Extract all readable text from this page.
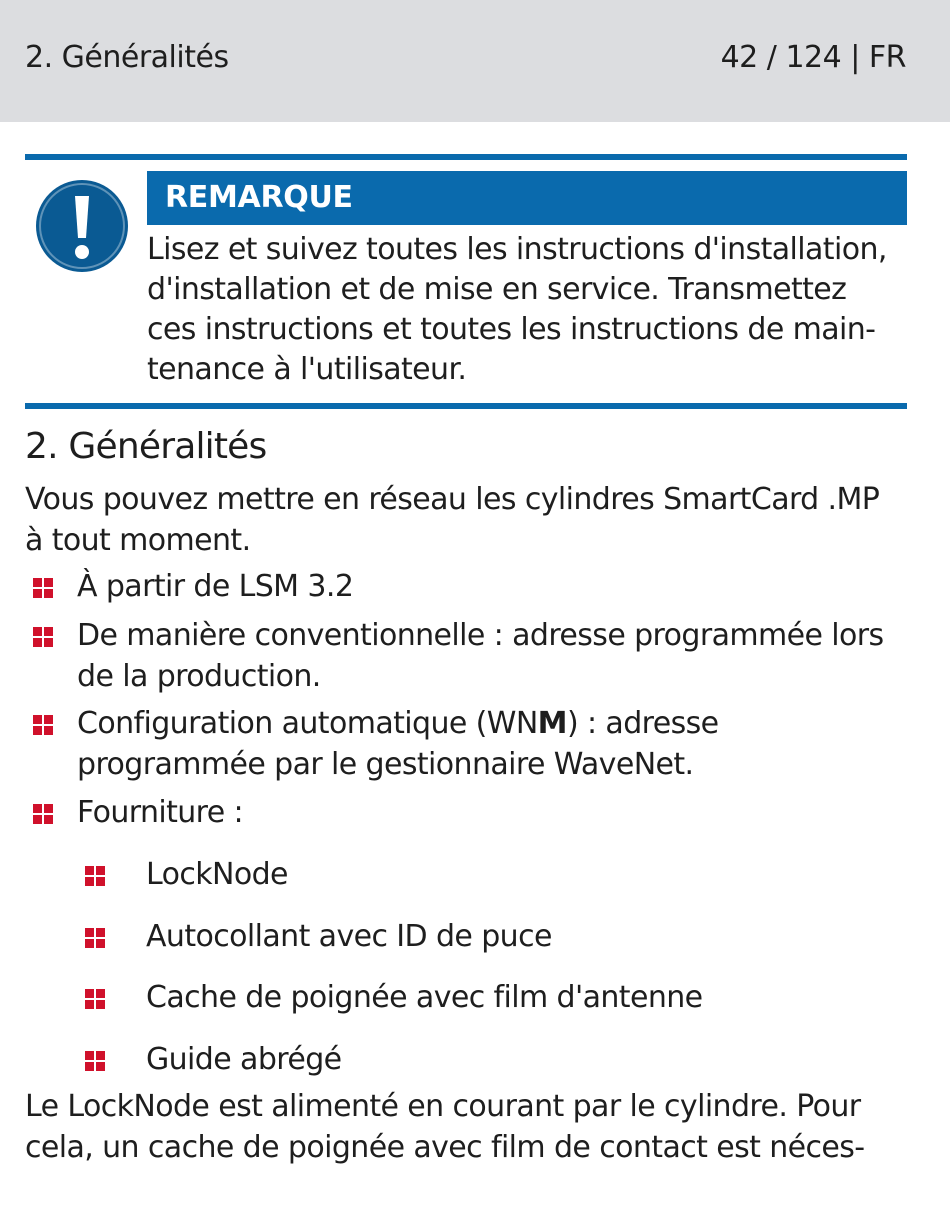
2. Généralités	42 / 124 | FR
REMARQUE

Lisez et suivez toutes les instructions d'installation,
d'installation et de mise en service. Transmettez
ces instructions et toutes les instructions de main-
tenance à l'utilisateur.

2. Généralités

Vous pouvez mettre en réseau les cylindres SmartCard .MP
à tout moment.

À partir de LSM 3.2
De manière conventionnelle : adresse programmée lors
de la production.
Configuration automatique (WNM) : adresse
programmée par le gestionnaire WaveNet.
Fourniture :
LockNode
Autocollant avec ID de puce
Cache de poignée avec film d'antenne
Guide abrégé

Le LockNode est alimenté en courant par le cylindre. Pour
cela, un cache de poignée avec film de contact est néces-
